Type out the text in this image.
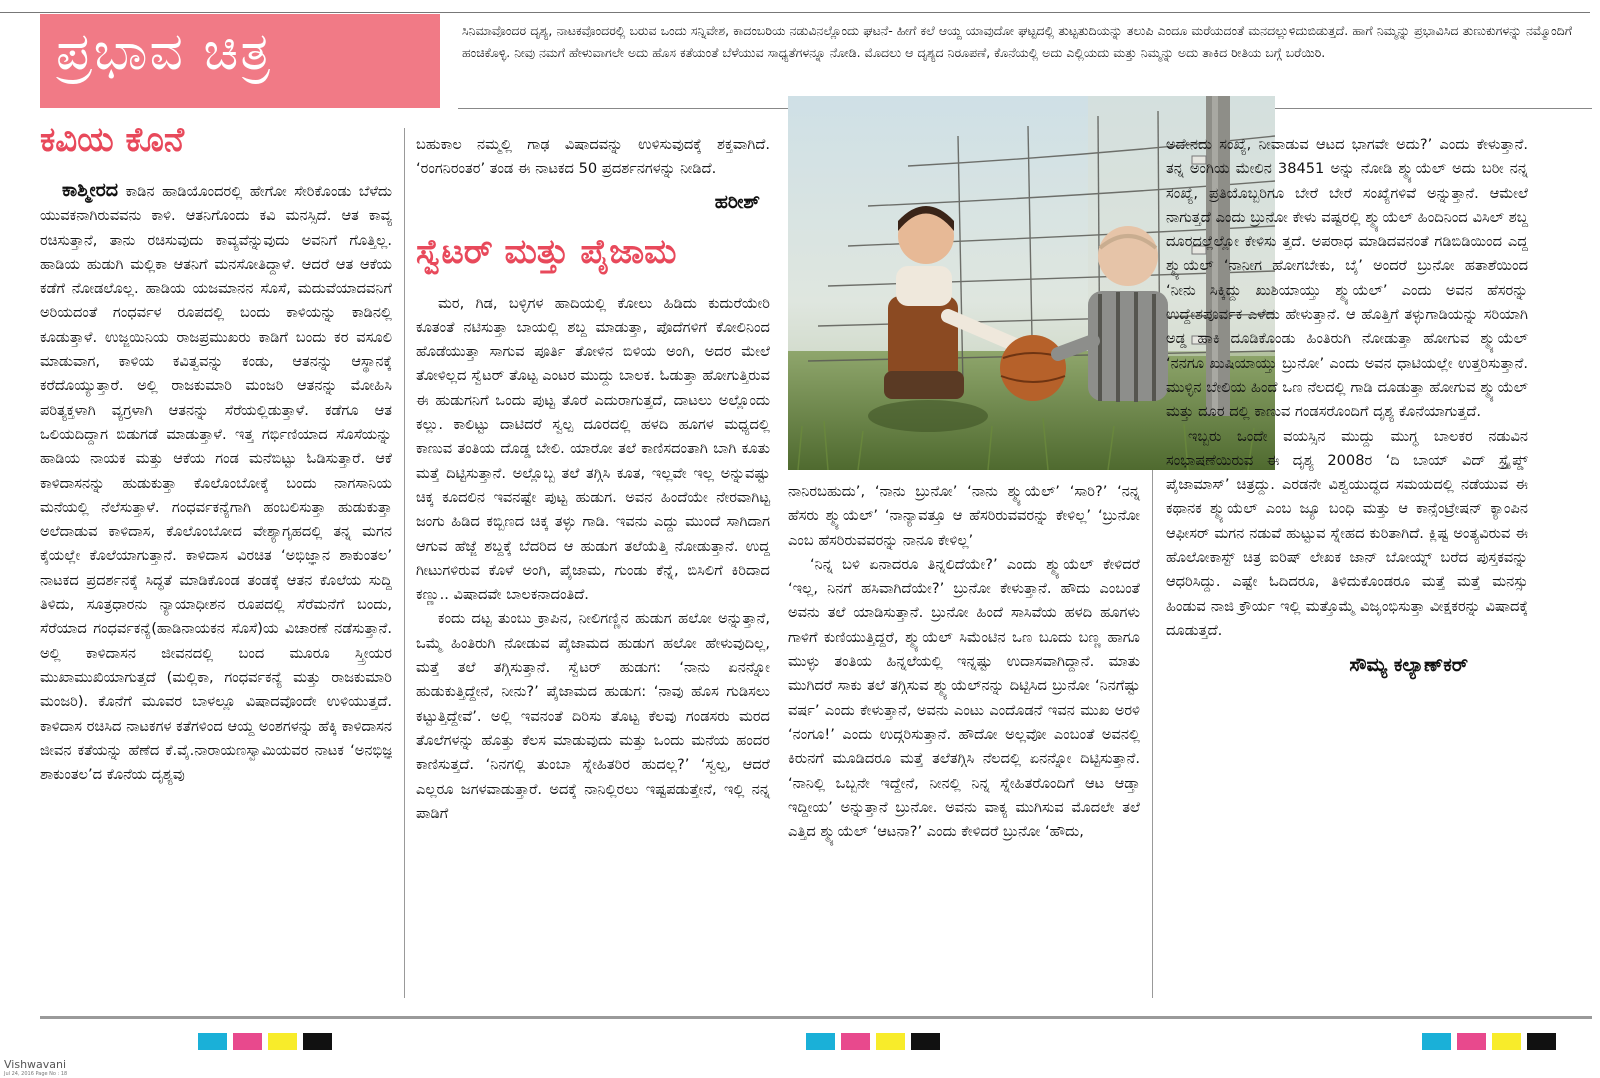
ಪ್ರಭಾವ ಚಿತ್ರ	ಸಿನಿಮಾವೊಂದರ ದೃಶ್ಯ, ನಾಟಕವೊಂದರಲ್ಲಿ ಬರುವ ಒಂದು ಸನ್ನಿವೇಶ, ಕಾದಂಬರಿಯ ನಡುವಿನಲ್ಲೊಂದು ಘಟನೆ- ಹೀಗೆ ಕಲೆ ಆಯ್ದ ಯಾವುದೋ ಘಟ್ಟದಲ್ಲಿ ತುಟ್ಟತುದಿಯನ್ನು ತಲುಪಿ ಎಂದೂ ಮರೆಯದಂತೆ ಮನದಲ್ಲುಳಿದುಬಿಡುತ್ತದೆ. ಹಾಗೆ ನಿಮ್ಮನ್ನು ಪ್ರಭಾವಿಸಿದ ತುಣುಕುಗಳನ್ನು ನಮ್ಮೊಂದಿಗೆ ಹಂಚಿಕೊಳ್ಳಿ. ನೀವು ನಮಗೆ ಹೇಳುವಾಗಲೇ ಅದು ಹೊಸ ಕತೆಯಂತೆ ಬೆಳೆಯುವ ಸಾಧ್ಯತೆಗಳನ್ನೂ ನೋಡಿ. ಮೊದಲು ಆ ದೃಶ್ಯದ ನಿರೂಪಣೆ, ಕೊನೆಯಲ್ಲಿ ಅದು ಎಲ್ಲಿಯದು ಮತ್ತು ನಿಮ್ಮನ್ನು ಅದು ತಾಕಿದ ರೀತಿಯ ಬಗ್ಗೆ ಬರೆಯಿರಿ.
ಕವಿಯ ಕೊನೆ

ಕಾಶ್ಮೀರದ ಕಾಡಿನ ಹಾಡಿಯೊಂದರಲ್ಲಿ ಹೇಗೋ ಸೇರಿಕೊಂಡು ಬೆಳೆದು ಯುವಕನಾಗಿರುವವನು ಕಾಳಿ. ಆತನಿಗೊಂದು ಕವಿ ಮನಸ್ಸಿದೆ. ಆತ ಕಾವ್ಯ ರಚಿಸುತ್ತಾನೆ, ತಾನು ರಚಿಸುವುದು ಕಾವ್ಯವೆನ್ನುವುದು ಅವನಿಗೆ ಗೊತ್ತಿಲ್ಲ. ಹಾಡಿಯ ಹುಡುಗಿ ಮಲ್ಲಿಕಾ ಆತನಿಗೆ ಮನಸೋತಿದ್ದಾಳೆ. ಆದರೆ ಆತ ಆಕೆಯ ಕಡೆಗೆ ನೋಡಲೊಲ್ಲ. ಹಾಡಿಯ ಯಜಮಾನನ ಸೊಸೆ, ಮದುವೆಯಾದವನಿಗೆ ಅರಿಯದಂತೆ ಗಂಧರ್ವಳ ರೂಪದಲ್ಲಿ ಬಂದು ಕಾಳಿಯನ್ನು ಕಾಡಿನಲ್ಲಿ ಕೂಡುತ್ತಾಳೆ. ಉಜ್ಜಯಿನಿಯ ರಾಜಪ್ರಮುಖರು ಕಾಡಿಗೆ ಬಂದು ಕರ ವಸೂಲಿ ಮಾಡುವಾಗ, ಕಾಳಿಯ ಕವಿತ್ವವನ್ನು ಕಂಡು, ಆತನನ್ನು ಆಸ್ಥಾನಕ್ಕೆ ಕರೆದೊಯ್ಯುತ್ತಾರೆ. ಅಲ್ಲಿ ರಾಜಕುಮಾರಿ ಮಂಜರಿ ಆತನನ್ನು ಮೋಹಿಸಿ ಪರಿತ್ಯಕ್ತಳಾಗಿ ವ್ಯಗ್ರಳಾಗಿ ಆತನನ್ನು ಸೆರೆಯಲ್ಲಿಡುತ್ತಾಳೆ. ಕಡೆಗೂ ಆತ ಒಲಿಯದಿದ್ದಾಗ ಬಿಡುಗಡೆ ಮಾಡುತ್ತಾಳೆ. ಇತ್ತ ಗರ್ಭಿಣಿಯಾದ ಸೊಸೆಯನ್ನು ಹಾಡಿಯ ನಾಯಕ ಮತ್ತು ಆಕೆಯ ಗಂಡ ಮನೆಬಿಟ್ಟು ಓಡಿಸುತ್ತಾರೆ. ಆಕೆ ಕಾಳಿದಾಸನನ್ನು ಹುಡುಕುತ್ತಾ ಕೊಲೊಂಬೋಕ್ಕೆ ಬಂದು ನಾಗಸಾನಿಯ ಮನೆಯಲ್ಲಿ ನೆಲೆಸುತ್ತಾಳೆ. ಗಂಧರ್ವಕನ್ಯೆಗಾಗಿ ಹಂಬಲಿಸುತ್ತಾ ಹುಡುಕುತ್ತಾ ಅಲೆದಾಡುವ ಕಾಳಿದಾಸ, ಕೊಲೊಂಬೋದ ವೇಶ್ಯಾಗೃಹದಲ್ಲಿ ತನ್ನ ಮಗನ ಕೈಯಲ್ಲೇ ಕೊಲೆಯಾಗುತ್ತಾನೆ. ಕಾಳಿದಾಸ ವಿರಚಿತ ‘ಅಭಿಜ್ಞಾನ ಶಾಕುಂತಲ’ ನಾಟಕದ ಪ್ರದರ್ಶನಕ್ಕೆ ಸಿದ್ಧತೆ ಮಾಡಿಕೊಂಡ ತಂಡಕ್ಕೆ ಆತನ ಕೊಲೆಯ ಸುದ್ದಿ ತಿಳಿದು, ಸೂತ್ರಧಾರನು ನ್ಯಾಯಾಧೀಶನ ರೂಪದಲ್ಲಿ ಸೆರೆಮನೆಗೆ ಬಂದು, ಸೆರೆಯಾದ ಗಂಧರ್ವಕನ್ಯೆ(ಹಾಡಿನಾಯಕನ ಸೊಸೆ)ಯ ವಿಚಾರಣೆ ನಡೆಸುತ್ತಾನೆ. ಅಲ್ಲಿ ಕಾಳಿದಾಸನ ಜೀವನದಲ್ಲಿ ಬಂದ ಮೂರೂ ಸ್ತ್ರೀಯರ ಮುಖಾಮುಖಿಯಾಗುತ್ತದೆ (ಮಲ್ಲಿಕಾ, ಗಂಧರ್ವಕನ್ಯೆ ಮತ್ತು ರಾಜಕುಮಾರಿ ಮಂಜರಿ). ಕೊನೆಗೆ ಮೂವರ ಬಾಳಲ್ಲೂ ವಿಷಾದವೊಂದೇ ಉಳಿಯುತ್ತದೆ. ಕಾಳಿದಾಸ ರಚಿಸಿದ ನಾಟಕಗಳ ಕತೆಗಳಿಂದ ಆಯ್ದ ಅಂಶಗಳನ್ನು ಹೆಕ್ಕಿ ಕಾಳಿದಾಸನ ಜೀವನ ಕತೆಯನ್ನು ಹೆಣೆದ ಕೆ.ವೈ.ನಾರಾಯಣಸ್ವಾಮಿಯವರ ನಾಟಕ ‘ಅನಭಿಜ್ಞ ಶಾಕುಂತಲ’ದ ಕೊನೆಯ ದೃಶ್ಯವು

ಬಹುಕಾಲ ನಮ್ಮಲ್ಲಿ ಗಾಢ ವಿಷಾದವನ್ನು ಉಳಿಸುವುದಕ್ಕೆ ಶಕ್ತವಾಗಿದೆ. ‘ರಂಗನಿರಂತರ’ ತಂಡ ಈ ನಾಟಕದ 50 ಪ್ರದರ್ಶನಗಳನ್ನು ನೀಡಿದೆ.

ಹರೀಶ್

ಸ್ವೆಟರ್ ಮತ್ತು ಪೈಜಾಮ

ಮರ, ಗಿಡ, ಬಳ್ಳಿಗಳ ಹಾದಿಯಲ್ಲಿ ಕೋಲು ಹಿಡಿದು ಕುದುರೆಯೇರಿ ಕೂತಂತೆ ನಟಿಸುತ್ತಾ ಬಾಯಲ್ಲಿ ಶಬ್ದ ಮಾಡುತ್ತಾ, ಪೊದೆಗಳಿಗೆ ಕೋಲಿನಿಂದ ಹೊಡೆಯುತ್ತಾ ಸಾಗುವ ಪೂರ್ತಿ ತೋಳಿನ ಬಿಳಿಯ ಅಂಗಿ, ಅದರ ಮೇಲೆ ತೋಳಿಲ್ಲದ ಸ್ವೆಟರ್ ತೊಟ್ಟ ಎಂಟರ ಮುದ್ದು ಬಾಲಕ. ಓಡುತ್ತಾ ಹೋಗುತ್ತಿರುವ ಈ ಹುಡುಗನಿಗೆ ಒಂದು ಪುಟ್ಟ ತೊರೆ ಎದುರಾಗುತ್ತದೆ, ದಾಟಲು ಅಲ್ಲೊಂದು ಕಲ್ಲು. ಕಾಲಿಟ್ಟು ದಾಟಿದರೆ ಸ್ವಲ್ಪ ದೂರದಲ್ಲಿ ಹಳದಿ ಹೂಗಳ ಮಧ್ಯದಲ್ಲಿ ಕಾಣುವ ತಂತಿಯ ದೊಡ್ಡ ಬೇಲಿ. ಯಾರೋ ತಲೆ ಕಾಣಿಸದಂತಾಗಿ ಬಾಗಿ ಕೂತು ಮತ್ತೆ ದಿಟ್ಟಿಸುತ್ತಾನೆ. ಅಲ್ಲೊಬ್ಬ ತಲೆ ತಗ್ಗಿಸಿ ಕೂತ, ಇಲ್ಲವೇ ಇಲ್ಲ ಅನ್ನುವಷ್ಟು ಚಿಕ್ಕ ಕೂದಲಿನ ಇವನಷ್ಟೇ ಪುಟ್ಟ ಹುಡುಗ. ಅವನ ಹಿಂದೆಯೇ ನೇರವಾಗಿಟ್ಟ ಜಂಗು ಹಿಡಿದ ಕಬ್ಬಿಣದ ಚಿಕ್ಕ ತಳ್ಳು ಗಾಡಿ. ಇವನು ಎದ್ದು ಮುಂದೆ ಸಾಗಿದಾಗ ಆಗುವ ಹೆಜ್ಜೆ ಶಬ್ದಕ್ಕೆ ಬೆದರಿದ ಆ ಹುಡುಗ ತಲೆಯೆತ್ತಿ ನೋಡುತ್ತಾನೆ. ಉದ್ದ ಗೀಟುಗಳಿರುವ ಕೊಳೆ ಅಂಗಿ, ಪೈಜಾಮ, ಗುಂಡು ಕೆನ್ನೆ, ಬಿಸಿಲಿಗೆ ಕಿರಿದಾದ ಕಣ್ಣು.. ವಿಷಾದವೇ ಬಾಲಕನಾದಂತಿದೆ.

ಕಂದು ದಟ್ಟ ತುಂಬು ಕ್ರಾಪಿನ, ನೀಲಿಗಣ್ಣಿನ ಹುಡುಗ ಹಲೋ ಅನ್ನುತ್ತಾನೆ, ಒಮ್ಮೆ ಹಿಂತಿರುಗಿ ನೋಡುವ ಪೈಜಾಮದ ಹುಡುಗ ಹಲೋ ಹೇಳುವುದಿಲ್ಲ, ಮತ್ತೆ ತಲೆ ತಗ್ಗಿಸುತ್ತಾನೆ. ಸ್ವೆಟರ್ ಹುಡುಗ: ‘ನಾನು ಏನನ್ನೋ ಹುಡುಕುತ್ತಿದ್ದೇನೆ, ನೀನು?’ ಪೈಜಾಮದ ಹುಡುಗ: ‘ನಾವು ಹೊಸ ಗುಡಿಸಲು ಕಟ್ಟುತ್ತಿದ್ದೇವೆ’. ಅಲ್ಲಿ ಇವನಂತೆ ದಿರಿಸು ತೊಟ್ಟ ಕೆಲವು ಗಂಡಸರು ಮರದ ತೊಲೆಗಳನ್ನು ಹೊತ್ತು ಕೆಲಸ ಮಾಡುವುದು ಮತ್ತು ಒಂದು ಮನೆಯ ಹಂದರ ಕಾಣಿಸುತ್ತದೆ. ‘ನಿನಗಲ್ಲಿ ತುಂಬಾ ಸ್ನೇಹಿತರಿರ ಹುದಲ್ಲ?’ ‘ಸ್ವಲ್ಪ, ಆದರೆ ಎಲ್ಲರೂ ಜಗಳವಾಡುತ್ತಾರೆ. ಅದಕ್ಕೆ ನಾನಿಲ್ಲಿರಲು ಇಷ್ಟಪಡುತ್ತೇನೆ, ಇಲ್ಲಿ ನನ್ನ ಪಾಡಿಗೆ

ನಾನಿರಬಹುದು’, ‘ನಾನು ಬ್ರುನೋ’ ‘ನಾನು ಶ್ಮ್ಯುಯೆಲ್’ ‘ಸಾರಿ?’ ‘ನನ್ನ ಹೆಸರು ಶ್ಮ್ಯುಯೆಲ್’ ‘ನಾನ್ಯಾವತ್ತೂ ಆ ಹೆಸರಿರುವವರನ್ನು ಕೇಳಿಲ್ಲ’ ‘ಬ್ರುನೋ ಎಂಬ ಹೆಸರಿರುವವರನ್ನು ನಾನೂ ಕೇಳಿಲ್ಲ’

‘ನಿನ್ನ ಬಳಿ ಏನಾದರೂ ತಿನ್ನಲಿದೆಯೇ?’ ಎಂದು ಶ್ಮ್ಯುಯೆಲ್ ಕೇಳಿದರೆ ‘ಇಲ್ಲ, ನಿನಗೆ ಹಸಿವಾಗಿದೆಯೇ?’ ಬ್ರುನೋ ಕೇಳುತ್ತಾನೆ. ಹೌದು ಎಂಬಂತೆ ಅವನು ತಲೆ ಯಾಡಿಸುತ್ತಾನೆ. ಬ್ರುನೋ ಹಿಂದೆ ಸಾಸಿವೆಯ ಹಳದಿ ಹೂಗಳು ಗಾಳಿಗೆ ಕುಣಿಯುತ್ತಿದ್ದರೆ, ಶ್ಮ್ಯುಯೆಲ್ ಸಿಮೆಂಟಿನ ಒಣ ಬೂದು ಬಣ್ಣ ಹಾಗೂ ಮುಳ್ಳು ತಂತಿಯ ಹಿನ್ನಲೆಯಲ್ಲಿ ಇನ್ನಷ್ಟು ಉದಾಸವಾಗಿದ್ದಾನೆ. ಮಾತು ಮುಗಿದರೆ ಸಾಕು ತಲೆ ತಗ್ಗಿಸುವ ಶ್ಮ್ಯುಯೆಲ್‌ನನ್ನು ದಿಟ್ಟಿಸಿದ ಬ್ರುನೋ ‘ನಿನಗೆಷ್ಟು ವರ್ಷ’ ಎಂದು ಕೇಳುತ್ತಾನೆ, ಅವನು ಎಂಟು ಎಂದೊಡನೆ ಇವನ ಮುಖ ಅರಳಿ ‘ನಂಗೂ!’ ಎಂದು ಉದ್ಗರಿಸುತ್ತಾನೆ. ಹೌದೋ ಅಲ್ಲವೋ ಎಂಬಂತೆ ಅವನಲ್ಲಿ ಕಿರುನಗೆ ಮೂಡಿದರೂ ಮತ್ತೆ ತಲೆತಗ್ಗಿಸಿ ನೆಲದಲ್ಲಿ ಏನನ್ನೋ ದಿಟ್ಟಿಸುತ್ತಾನೆ. ‘ನಾನಿಲ್ಲಿ ಒಬ್ಬನೇ ಇದ್ದೇನೆ, ನೀನಲ್ಲಿ ನಿನ್ನ ಸ್ನೇಹಿತರೊಂದಿಗೆ ಆಟ ಆಡ್ತಾ ಇದ್ದೀಯ’ ಅನ್ನುತ್ತಾನೆ ಬ್ರುನೋ. ಅವನು ವಾಕ್ಯ ಮುಗಿಸುವ ಮೊದಲೇ ತಲೆ ಎತ್ತಿದ ಶ್ಮ್ಯುಯೆಲ್ ‘ಆಟನಾ?’ ಎಂದು ಕೇಳಿದರೆ ಬ್ರುನೋ ‘ಹೌದು,

ಅದೇನದು ಸಂಖ್ಯೆ, ನೀವಾಡುವ ಆಟದ ಭಾಗವೇ ಅದು?’ ಎಂದು ಕೇಳುತ್ತಾನೆ. ತನ್ನ ಅಂಗಿಯ ಮೇಲಿನ 38451 ಅನ್ನು ನೋಡಿ ಶ್ಮ್ಯುಯೆಲ್ ಅದು ಬರೀ ನನ್ನ ಸಂಖ್ಯೆ, ಪ್ರತಿಯೊಬ್ಬರಿಗೂ ಬೇರೆ ಬೇರೆ ಸಂಖ್ಯೆಗಳಿವೆ ಅನ್ನುತ್ತಾನೆ. ಆಮೇಲೆ ನಾಗುತ್ತದೆ ಎಂದು ಬ್ರುನೋ ಕೇಳು ವಷ್ಟರಲ್ಲಿ ಶ್ಮ್ಯುಯೆಲ್ ಹಿಂದಿನಿಂದ ವಿಸಿಲ್ ಶಬ್ದ ದೂರದಲ್ಲೆಲ್ಲೋ ಕೇಳಿಸು ತ್ತದೆ. ಅಪರಾಧ ಮಾಡಿದವನಂತೆ ಗಡಿಬಿಡಿಯಿಂದ ಎದ್ದ ಶ್ಮ್ಯುಯೆಲ್ ‘ನಾನೀಗ ಹೋಗಬೇಕು, ಬೈ’ ಅಂದರೆ ಬ್ರುನೋ ಹತಾಶೆಯಿಂದ ‘ನೀನು ಸಿಕ್ಕಿದ್ದು ಖುಶಿಯಾಯ್ತು ಶ್ಮ್ಯುಯೆಲ್’ ಎಂದು ಅವನ ಹೆಸರನ್ನು ಉದ್ದೇಶಪೂರ್ವಕ ಎಳೆದು ಹೇಳುತ್ತಾನೆ. ಆ ಹೊತ್ತಿಗೆ ತಳ್ಳುಗಾಡಿಯನ್ನು ಸರಿಯಾಗಿ ಅಡ್ಡ ಹಾಕಿ ದೂಡಿಕೊಂಡು ಹಿಂತಿರುಗಿ ನೋಡುತ್ತಾ ಹೋಗುವ ಶ್ಮ್ಯುಯೆಲ್ ‘ನನಗೂ ಖುಷಿಯಾಯ್ತು ಬ್ರುನೋ’ ಎಂದು ಅವನ ಧಾಟಿಯಲ್ಲೇ ಉತ್ತರಿಸುತ್ತಾನೆ. ಮುಳ್ಳಿನ ಬೇಲಿಯ ಹಿಂದೆ ಒಣ ನೆಲದಲ್ಲಿ ಗಾಡಿ ದೂಡುತ್ತಾ ಹೋಗುವ ಶ್ಮ್ಯುಯೆಲ್ ಮತ್ತು ದೂರ ದಲ್ಲಿ ಕಾಣುವ ಗಂಡಸರೊಂದಿಗೆ ದೃಶ್ಯ ಕೊನೆಯಾಗುತ್ತದೆ.

ಇಬ್ಬರು ಒಂದೇ ವಯಸ್ಸಿನ ಮುದ್ದು ಮುಗ್ಧ ಬಾಲಕರ ನಡುವಿನ ಸಂಭಾಷಣೆಯಿರುವ ಈ ದೃಶ್ಯ 2008ರ ‘ದಿ ಬಾಯ್ ವಿದ್ ಸ್ಟ್ರೈಪ್ಡ್ ಪೈಜಾಮಾಸ್’ ಚಿತ್ರದ್ದು. ಎರಡನೇ ವಿಶ್ವಯುದ್ಧದ ಸಮಯದಲ್ಲಿ ನಡೆಯುವ ಈ ಕಥಾನಕ ಶ್ಮ್ಯುಯೆಲ್ ಎಂಬ ಜ್ಯೂ ಬಂಧಿ ಮತ್ತು ಆ ಕಾನ್ಸೆಂಟ್ರೇಷನ್ ಕ್ಯಾಂಪಿನ ಆಫೀಸರ್ ಮಗನ ನಡುವೆ ಹುಟ್ಟುವ ಸ್ನೇಹದ ಕುರಿತಾಗಿದೆ. ಕ್ಲಿಷ್ಟ ಅಂತ್ಯವಿರುವ ಈ ಹೊಲೋಕಾಸ್ಟ್ ಚಿತ್ರ ಐರಿಷ್ ಲೇಖಕ ಜಾನ್ ಬೋಯ್ನ್ ಬರೆದ ಪುಸ್ತಕವನ್ನು ಆಧರಿಸಿದ್ದು. ಎಷ್ಟೇ ಓದಿದರೂ, ತಿಳಿದುಕೊಂಡರೂ ಮತ್ತೆ ಮತ್ತೆ ಮನಸ್ಸು ಹಿಂಡುವ ನಾಜಿ ಕ್ರೌರ್ಯ ಇಲ್ಲಿ ಮತ್ತೊಮ್ಮೆ ವಿಜೃಂಭಿಸುತ್ತಾ ವೀಕ್ಷಕರನ್ನು ವಿಷಾದಕ್ಕೆ ದೂಡುತ್ತದೆ.

ಸೌಮ್ಯ ಕಲ್ಯಾಣ್‌ಕರ್

Vishwavani
Jul 24, 2016 Page No : 18
